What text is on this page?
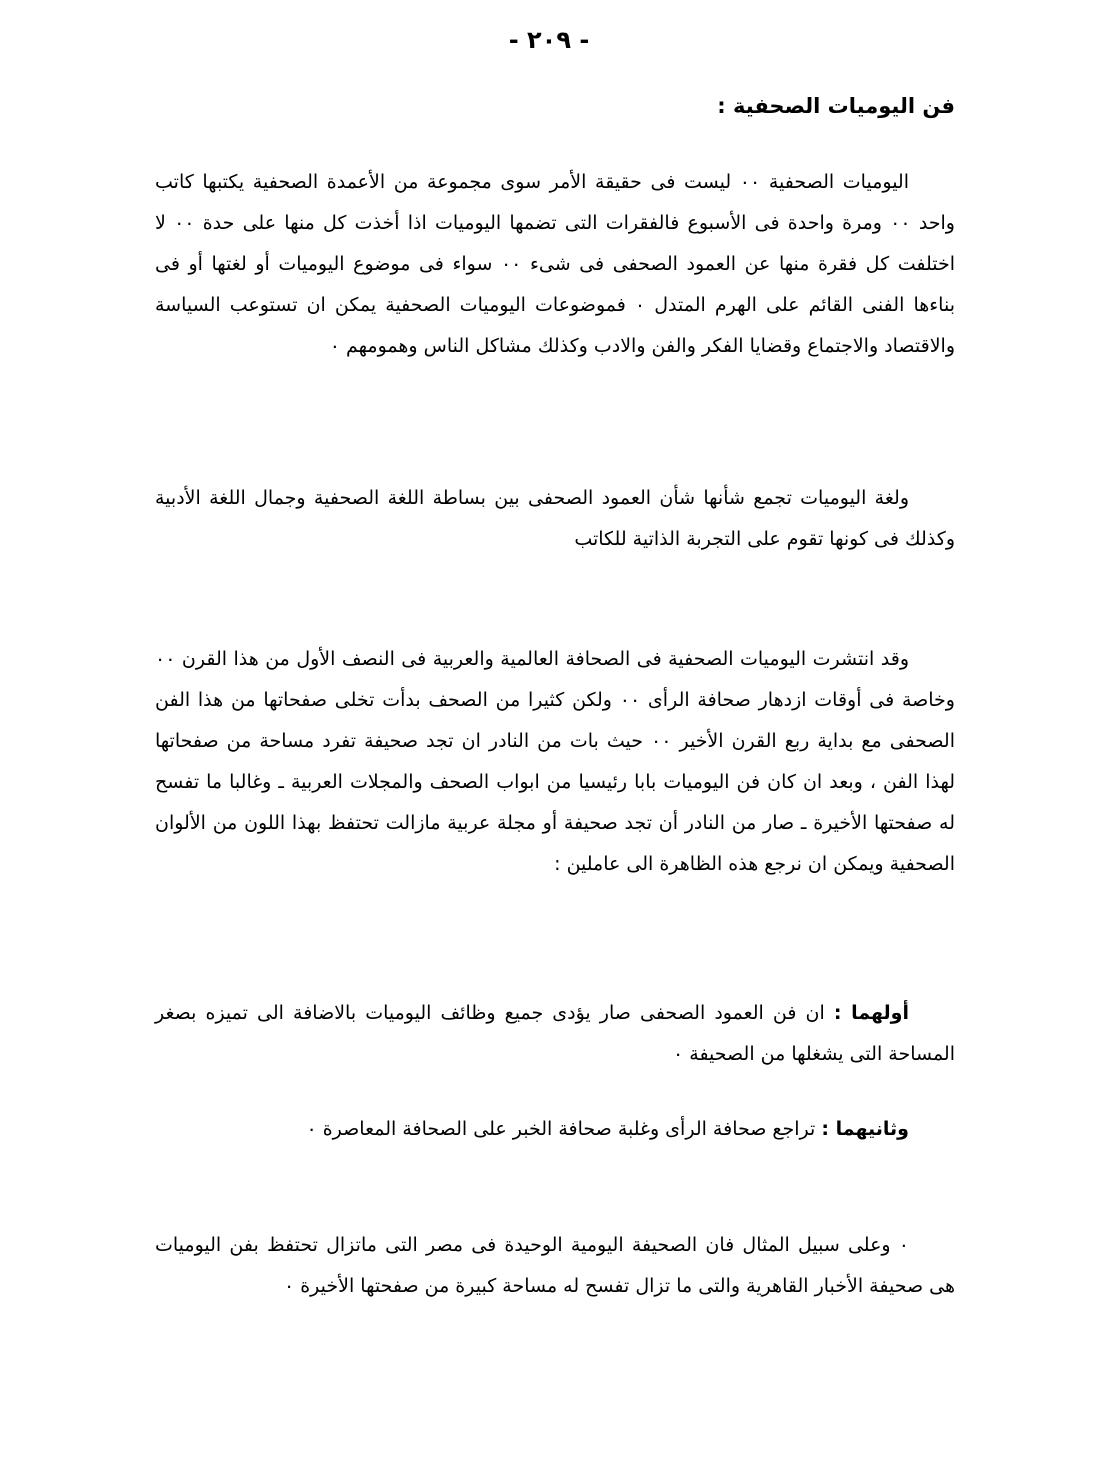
- ٢٠٩ -
فن اليوميات الصحفية :

اليوميات الصحفية ٠٠ ليست فى حقيقة الأمر سوى مجموعة من الأعمدة الصحفية يكتبها كاتب واحد ٠٠ ومرة واحدة فى الأسبوع فالفقرات التى تضمها اليوميات اذا أخذت كل منها على حدة ٠٠ لا اختلفت كل فقرة منها عن العمود الصحفى فى شىء ٠٠ سواء فى موضوع اليوميات أو لغتها أو فى بناءها الفنى القائم على الهرم المتدل ٠ فموضوعات اليوميات الصحفية يمكن ان تستوعب السياسة والاقتصاد والاجتماع وقضايا الفكر والفن والادب وكذلك مشاكل الناس وهمومهم ٠

ولغة اليوميات تجمع شأنها شأن العمود الصحفى بين بساطة اللغة الصحفية وجمال اللغة الأدبية وكذلك فى كونها تقوم على التجربة الذاتية للكاتب

وقد انتشرت اليوميات الصحفية فى الصحافة العالمية والعربية فى النصف الأول من هذا القرن ٠٠ وخاصة فى أوقات ازدهار صحافة الرأى ٠٠ ولكن كثيرا من الصحف بدأت تخلى صفحاتها من هذا الفن الصحفى مع بداية ربع القرن الأخير ٠٠ حيث بات من النادر ان تجد صحيفة تفرد مساحة من صفحاتها لهذا الفن ، وبعد ان كان فن اليوميات بابا رئيسيا من ابواب الصحف والمجلات العربية ـ وغالبا ما تفسح له صفحتها الأخيرة ـ صار من النادر أن تجد صحيفة أو مجلة عربية مازالت تحتفظ بهذا اللون من الألوان الصحفية ويمكن ان نرجع هذه الظاهرة الى عاملين :

أولهما : ان فن العمود الصحفى صار يؤدى جميع وظائف اليوميات بالاضافة الى تميزه بصغر المساحة التى يشغلها من الصحيفة ٠

وثانيهما : تراجع صحافة الرأى وغلبة صحافة الخبر على الصحافة المعاصرة ٠

٠ وعلى سبيل المثال فان الصحيفة اليومية الوحيدة فى مصر التى ماتزال تحتفظ بفن اليوميات هى صحيفة الأخبار القاهرية والتى ما تزال تفسح له مساحة كبيرة من صفحتها الأخيرة ٠
